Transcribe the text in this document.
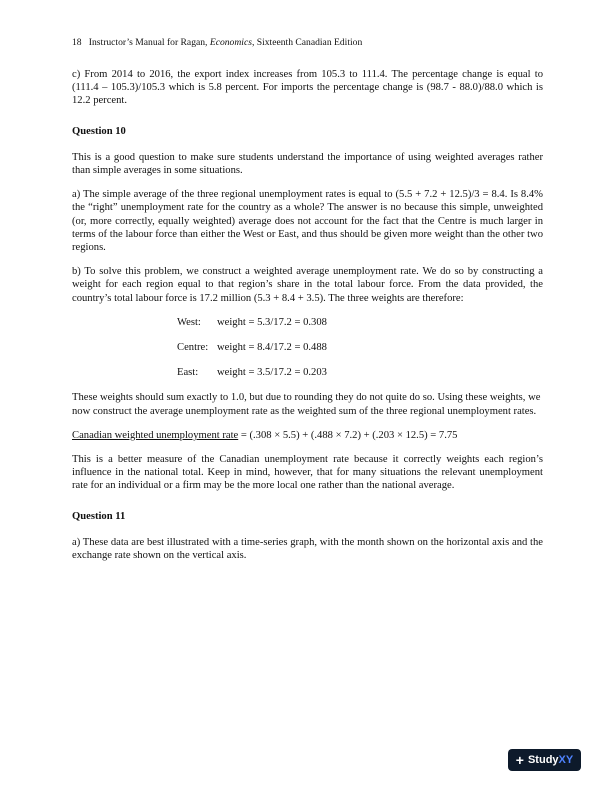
18 Instructor’s Manual for Ragan, Economics, Sixteenth Canadian Edition

c) From 2014 to 2016, the export index increases from 105.3 to 111.4. The percentage change is equal to (111.4 – 105.3)/105.3 which is 5.8 percent. For imports the percentage change is (98.7 - 88.0)/88.0 which is 12.2 percent.

Question 10

This is a good question to make sure students understand the importance of using weighted averages rather than simple averages in some situations.

a) The simple average of the three regional unemployment rates is equal to (5.5 + 7.2 + 12.5)/3 = 8.4. Is 8.4% the “right” unemployment rate for the country as a whole? The answer is no because this simple, unweighted (or, more correctly, equally weighted) average does not account for the fact that the Centre is much larger in terms of the labour force than either the West or East, and thus should be given more weight than the other two regions.

b) To solve this problem, we construct a weighted average unemployment rate. We do so by constructing a weight for each region equal to that region’s share in the total labour force. From the data provided, the country’s total labour force is 17.2 million (5.3 + 8.4 + 3.5). The three weights are therefore:

West:	weight = 5.3/17.2 = 0.308
Centre: weight = 8.4/17.2 = 0.488
East:	weight = 3.5/17.2 = 0.203

These weights should sum exactly to 1.0, but due to rounding they do not quite do so. Using these weights, we now construct the average unemployment rate as the weighted sum of the three regional unemployment rates.

Canadian weighted unemployment rate = (.308 × 5.5) + (.488 × 7.2) + (.203 × 12.5) = 7.75

This is a better measure of the Canadian unemployment rate because it correctly weights each region’s influence in the national total. Keep in mind, however, that for many situations the relevant unemployment rate for an individual or a firm may be the more local one rather than the national average.

Question 11

a) These data are best illustrated with a time-series graph, with the month shown on the horizontal axis and the exchange rate shown on the vertical axis.

+ Study XY
